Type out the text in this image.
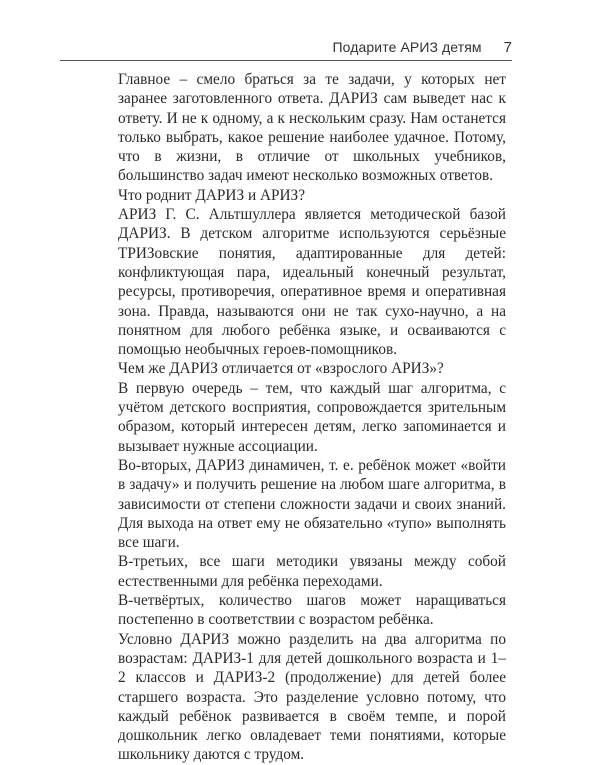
Подарите АРИЗ детям 7

Главное – смело браться за те задачи, у которых нет заранее заготовленного ответа. ДАРИЗ сам выведет нас к ответу. И не к одному, а к нескольким сразу. Нам останется только выбрать, какое решение наиболее удачное. Потому, что в жизни, в отличие от школьных учебников, большинство задач имеют несколько возможных ответов.

Что роднит ДАРИЗ и АРИЗ?

АРИЗ Г. С. Альтшуллера является методической базой ДАРИЗ. В детском алгоритме используются серьёзные ТРИЗовские понятия, адаптированные для детей: конфликтующая пара, идеальный конечный результат, ресурсы, противоречия, оперативное время и оперативная зона. Правда, называются они не так сухо-научно, а на понятном для любого ребёнка языке, и осваиваются с помощью необычных героев-помощников.

Чем же ДАРИЗ отличается от «взрослого АРИЗ»?

В первую очередь – тем, что каждый шаг алгоритма, с учётом детского восприятия, сопровождается зрительным образом, который интересен детям, легко запоминается и вызывает нужные ассоциации.

Во-вторых, ДАРИЗ динамичен, т. е. ребёнок может «войти в задачу» и получить решение на любом шаге алгоритма, в зависимости от степени сложности задачи и своих знаний. Для выхода на ответ ему не обязательно «тупо» выполнять все шаги.

В-третьих, все шаги методики увязаны между собой естественными для ребёнка переходами.

В-четвёртых, количество шагов может наращиваться постепенно в соответствии с возрастом ребёнка.

Условно ДАРИЗ можно разделить на два алгоритма по возрастам: ДАРИЗ-1 для детей дошкольного возраста и 1–2 классов и ДАРИЗ-2 (продолжение) для детей более старшего возраста. Это разделение условно потому, что каждый ребёнок развивается в своём темпе, и порой дошкольник легко овладевает теми понятиями, которые школьнику даются с трудом.
